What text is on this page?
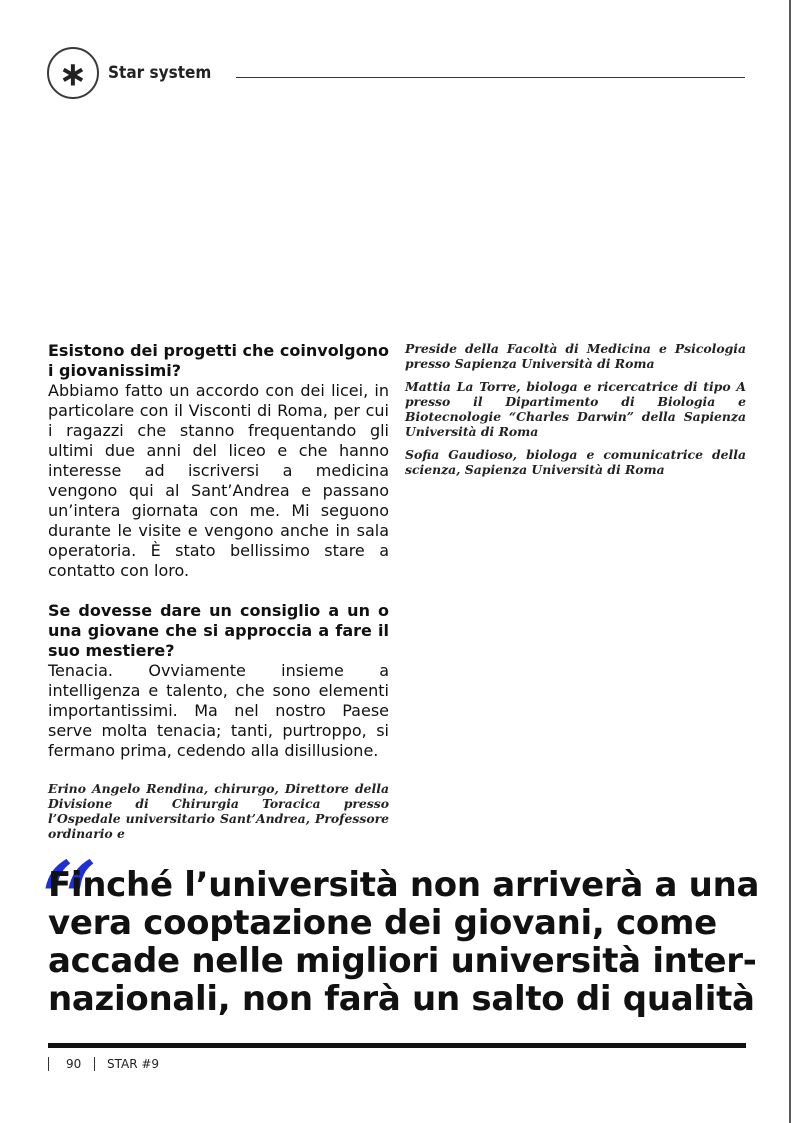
∗ Star system

Esistono dei progetti che coinvolgono i giovanissimi?

Abbiamo fatto un accordo con dei licei, in particolare con il Visconti di Roma, per cui i ragazzi che stanno frequentando gli ultimi due anni del liceo e che hanno interesse ad iscriversi a medicina vengono qui al Sant’Andrea e passano un’intera giornata con me. Mi seguono durante le visite e vengono anche in sala operatoria. È stato bellissimo stare a contatto con loro.

Se dovesse dare un consiglio a un o una giovane che si approccia a fare il suo mestiere?

Tenacia. Ovviamente insieme a intelligenza e talento, che sono elementi importantissimi. Ma nel nostro Paese serve molta tenacia; tanti, purtroppo, si fermano prima, cedendo alla disillusione.

Erino Angelo Rendina, chirurgo, Direttore della Divisione di Chirurgia Toracica presso l’Ospedale universitario Sant’Andrea, Professore ordinario e

Preside della Facoltà di Medicina e Psicologia presso Sapienza Università di Roma

Mattia La Torre, biologa e ricercatrice di tipo A presso il Dipartimento di Biologia e Biotecnologie “Charles Darwin” della Sapienza Università di Roma

Sofia Gaudioso, biologa e comunicatrice della scienza, Sapienza Università di Roma

“

Finché l’università non arriverà a una
vera cooptazione dei giovani, come
accade nelle migliori università inter-
nazionali, non farà un salto di qualità

90 STAR #9
